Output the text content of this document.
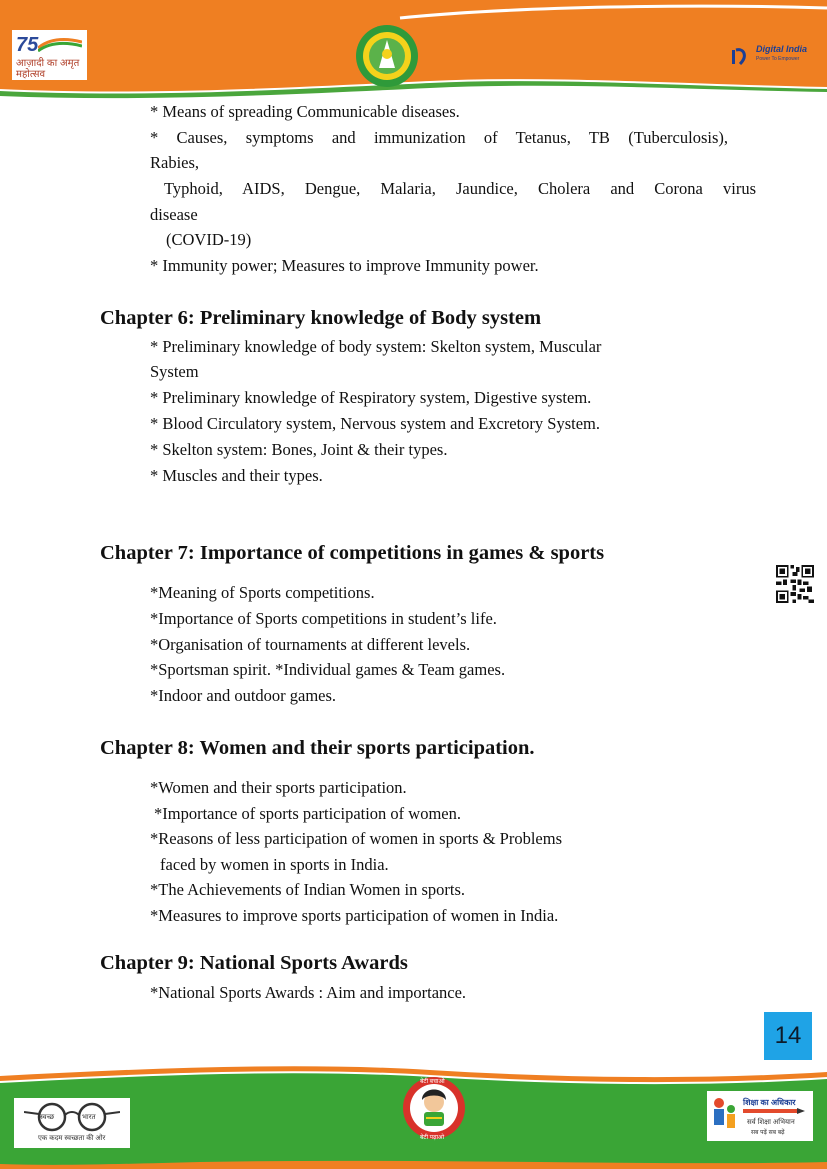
75
आज़ादी का अमृत महोत्सव
Digital India
Power To Empower
* Means of spreading Communicable diseases.
* Causes, symptoms and immunization of Tetanus, TB (Tuberculosis),
Rabies,
Typhoid, AIDS, Dengue, Malaria, Jaundice, Cholera and Corona virus
disease
(COVID-19)
* Immunity power; Measures to improve Immunity power.
Chapter 6: Preliminary knowledge of Body system
* Preliminary knowledge of body system: Skelton system, Muscular
System
* Preliminary knowledge of Respiratory system, Digestive system.
* Blood Circulatory system, Nervous system and Excretory System.
* Skelton system: Bones, Joint & their types.
* Muscles and their types.
Chapter 7: Importance of competitions in games & sports
*Meaning of Sports competitions.
*Importance of Sports competitions in student’s life.
*Organisation of tournaments at different levels.
*Sportsman spirit. *Individual games & Team games.
*Indoor and outdoor games.
Chapter 8: Women and their sports participation.
*Women and their sports participation.
*Importance of sports participation of women.
*Reasons of less participation of women in sports & Problems
faced by women in sports in India.
*The Achievements of Indian Women in sports.
*Measures to improve sports participation of women in India.
Chapter 9: National Sports Awards
*National Sports Awards : Aim and importance.
14
स्वच्छ	भारत
एक कदम स्वच्छता की ओर
बेटी बचाओ
बेटी पढ़ाओ
शिक्षा का अधिकार
सर्व शिक्षा अभियान
सब पढ़ें सब बढ़ें
